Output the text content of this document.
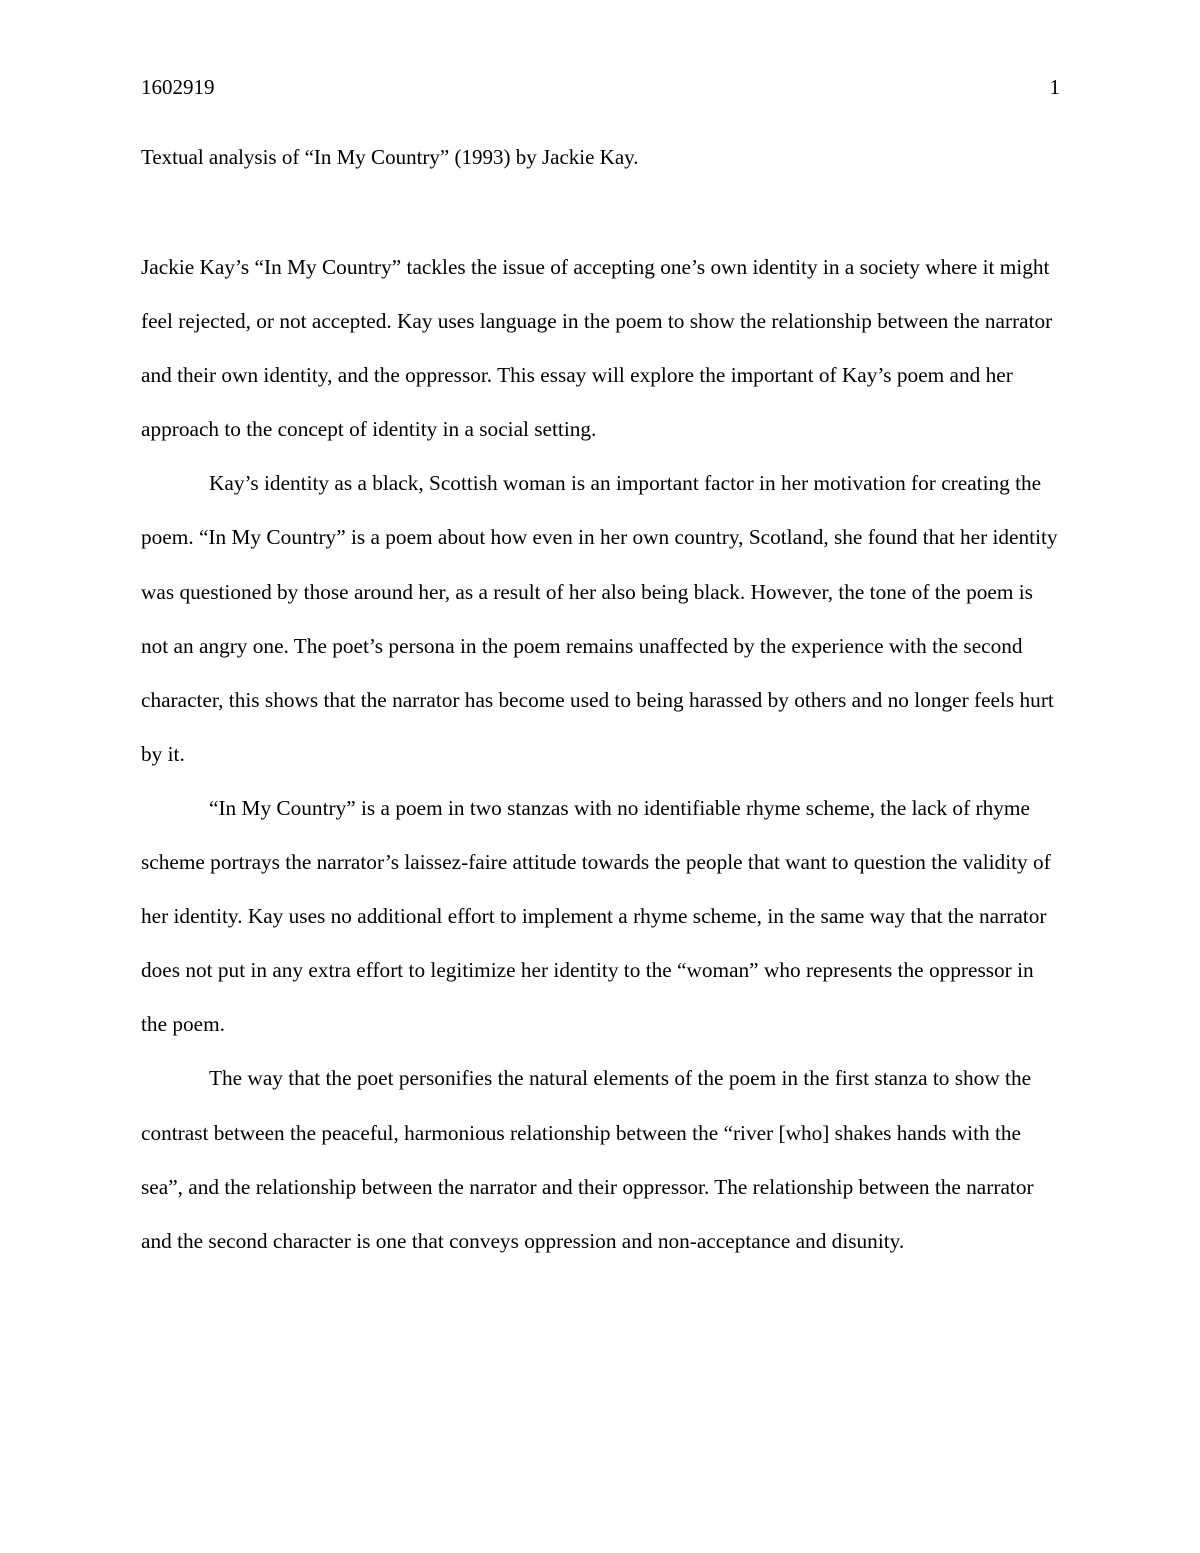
1602919	1
Textual analysis of “In My Country” (1993) by Jackie Kay.

Jackie Kay’s “In My Country” tackles the issue of accepting one’s own identity in a society where it might feel rejected, or not accepted. Kay uses language in the poem to show the relationship between the narrator and their own identity, and the oppressor. This essay will explore the important of Kay’s poem and her approach to the concept of identity in a social setting.

Kay’s identity as a black, Scottish woman is an important factor in her motivation for creating the poem. “In My Country” is a poem about how even in her own country, Scotland, she found that her identity was questioned by those around her, as a result of her also being black. However, the tone of the poem is not an angry one. The poet’s persona in the poem remains unaffected by the experience with the second character, this shows that the narrator has become used to being harassed by others and no longer feels hurt by it.

“In My Country” is a poem in two stanzas with no identifiable rhyme scheme, the lack of rhyme scheme portrays the narrator’s laissez-faire attitude towards the people that want to question the validity of her identity. Kay uses no additional effort to implement a rhyme scheme, in the same way that the narrator does not put in any extra effort to legitimize her identity to the “woman” who represents the oppressor in the poem.

The way that the poet personifies the natural elements of the poem in the first stanza to show the contrast between the peaceful, harmonious relationship between the “river [who] shakes hands with the sea”, and the relationship between the narrator and their oppressor. The relationship between the narrator and the second character is one that conveys oppression and non-acceptance and disunity.
